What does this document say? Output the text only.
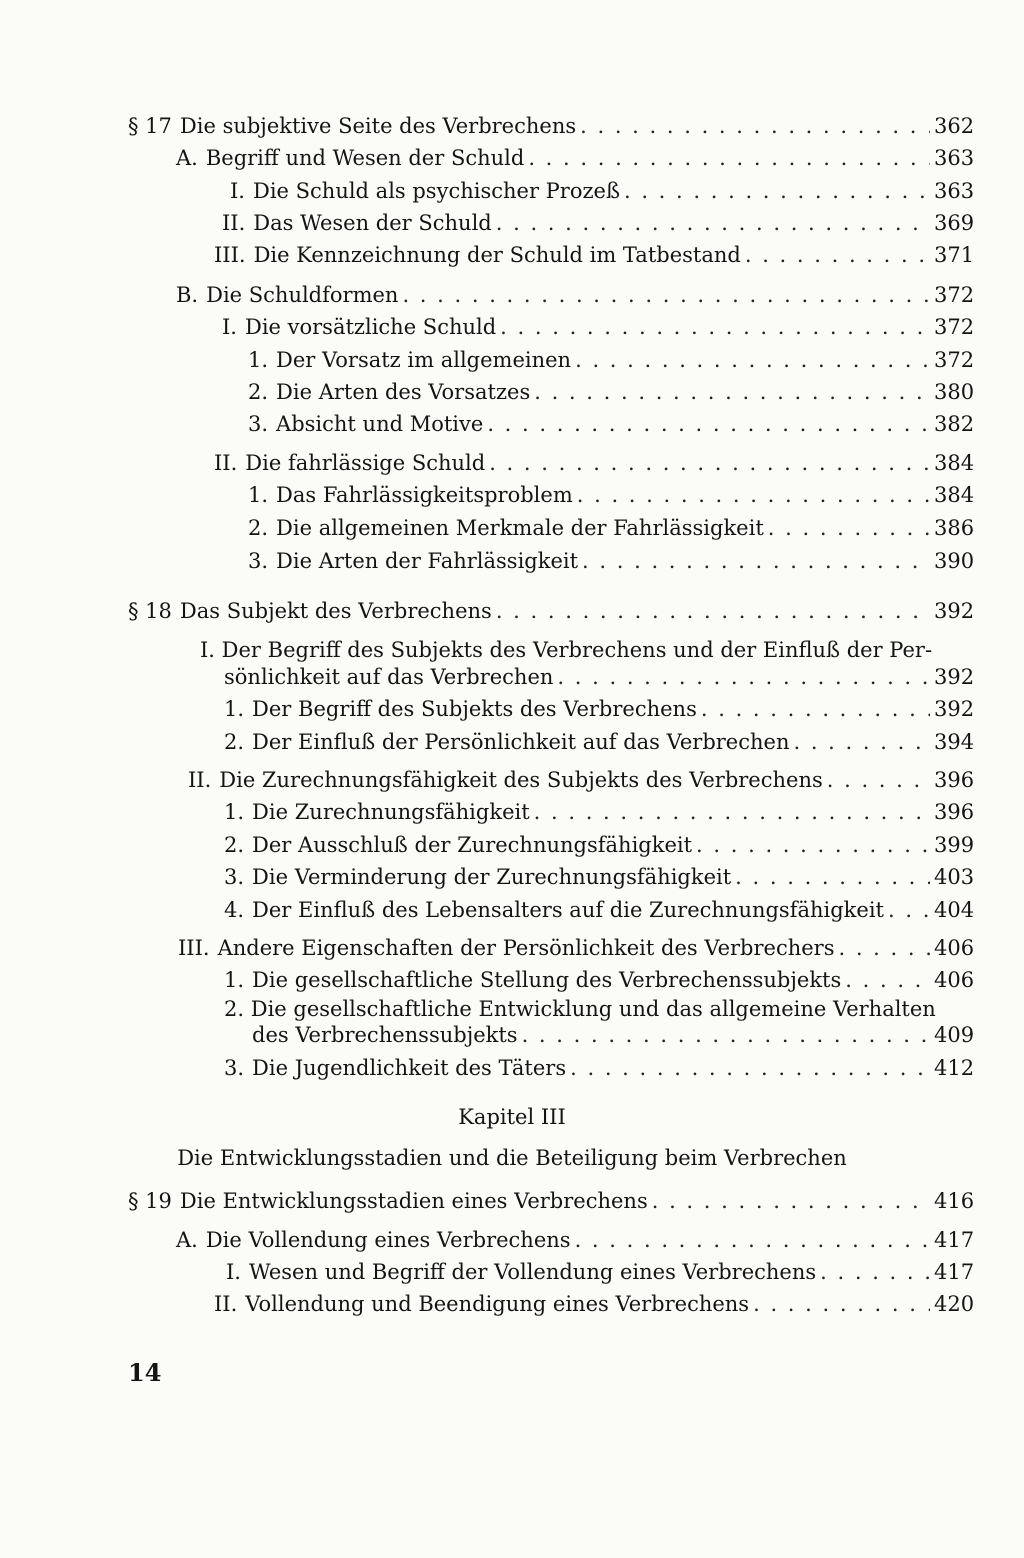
§ 17 Die subjektive Seite des Verbrechens . . .	362
A. Begriff und Wesen der Schuld . . .	363
I. Die Schuld als psychischer Prozeß . . .	363
II. Das Wesen der Schuld . . .	369
III. Die Kennzeichnung der Schuld im Tatbestand . . .	371
B. Die Schuldformen . . .	372
I. Die vorsätzliche Schuld . . .	372
1. Der Vorsatz im allgemeinen . . .	372
2. Die Arten des Vorsatzes . . .	380
3. Absicht und Motive . . .	382
II. Die fahrlässige Schuld . . .	384
1. Das Fahrlässigkeitsproblem . . .	384
2. Die allgemeinen Merkmale der Fahrlässigkeit . . .	386
3. Die Arten der Fahrlässigkeit . . .	390
§ 18 Das Subjekt des Verbrechens . . .	392
I. Der Begriff des Subjekts des Verbrechens und der Einfluß der Per-
sönlichkeit auf das Verbrechen . . .	392
1. Der Begriff des Subjekts des Verbrechens . . .	392
2. Der Einfluß der Persönlichkeit auf das Verbrechen . . .	394
II. Die Zurechnungsfähigkeit des Subjekts des Verbrechens . . .	396
1. Die Zurechnungsfähigkeit . . .	396
2. Der Ausschluß der Zurechnungsfähigkeit . . .	399
3. Die Verminderung der Zurechnungsfähigkeit . . .	403
4. Der Einfluß des Lebensalters auf die Zurechnungsfähigkeit . . . 404
III. Andere Eigenschaften der Persönlichkeit des Verbrechers . . .	406
1. Die gesellschaftliche Stellung des Verbrechenssubjekts . . .	406
2. Die gesellschaftliche Entwicklung und das allgemeine Verhalten
des Verbrechenssubjekts . . .	409
3. Die Jugendlichkeit des Täters . . .	412
Kapitel III
Die Entwicklungsstadien und die Beteiligung beim Verbrechen
§ 19 Die Entwicklungsstadien eines Verbrechens . . .	416
A. Die Vollendung eines Verbrechens . . .	417
I. Wesen und Begriff der Vollendung eines Verbrechens . . .	417
II. Vollendung und Beendigung eines Verbrechens . . .	420
14
